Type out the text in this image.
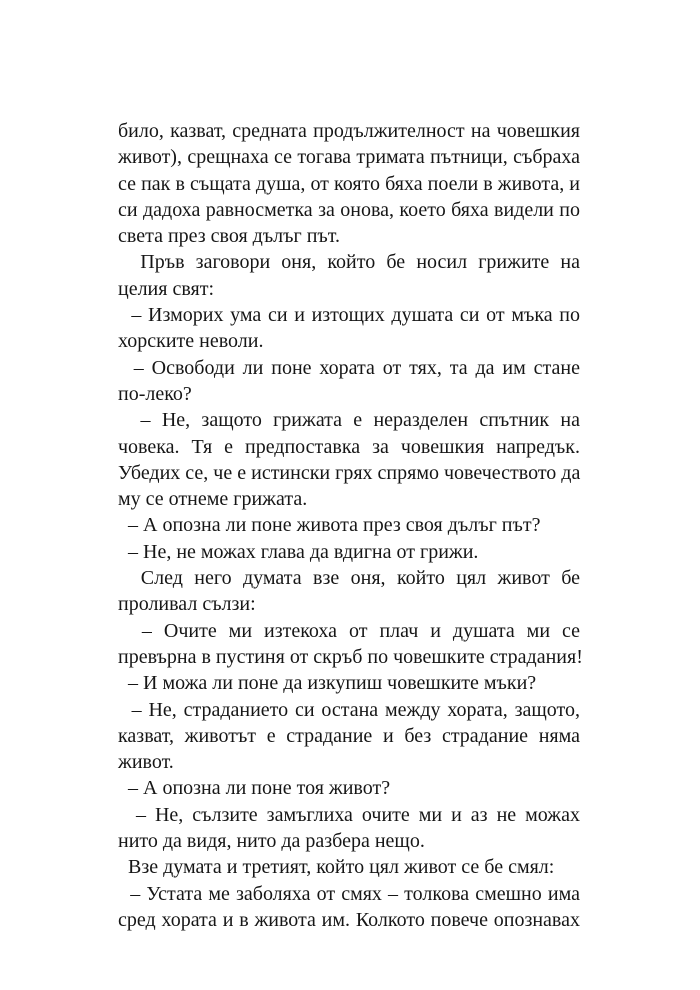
било, казват, средната продължителност на човешкия
живот), срещнаха се тогава тримата пътници, събраха
се пак в същата душа, от която бяха поели в живота, и
си дадоха равносметка за онова, което бяха видели по
света през своя дълъг път.
Пръв заговори оня, който бе носил грижите на
целия свят:
– Изморих ума си и изтощих душата си от мъка по
хорските неволи.
– Освободи ли поне хората от тях, та да им стане
по-леко?
– Не, защото грижата е неразделен спътник на
човека. Тя е предпоставка за човешкия напредък.
Убедих се, че е истински грях спрямо човечеството да
му се отнеме грижата.
– А опозна ли поне живота през своя дълъг път?
– Не, не можах глава да вдигна от грижи.
След него думата взе оня, който цял живот бе
проливал сълзи:
– Очите ми изтекоха от плач и душата ми се
превърна в пустиня от скръб по човешките страдания!
– И можа ли поне да изкупиш човешките мъки?
– Не, страданието си остана между хората, защото,
казват, животът е страдание и без страдание няма
живот.
– А опозна ли поне тоя живот?
– Не, сълзите замъглиха очите ми и аз не можах
нито да видя, нито да разбера нещо.
Взе думата и третият, който цял живот се бе смял:
– Устата ме заболяха от смях – толкова смешно има
сред хората и в живота им. Колкото повече опознавах
